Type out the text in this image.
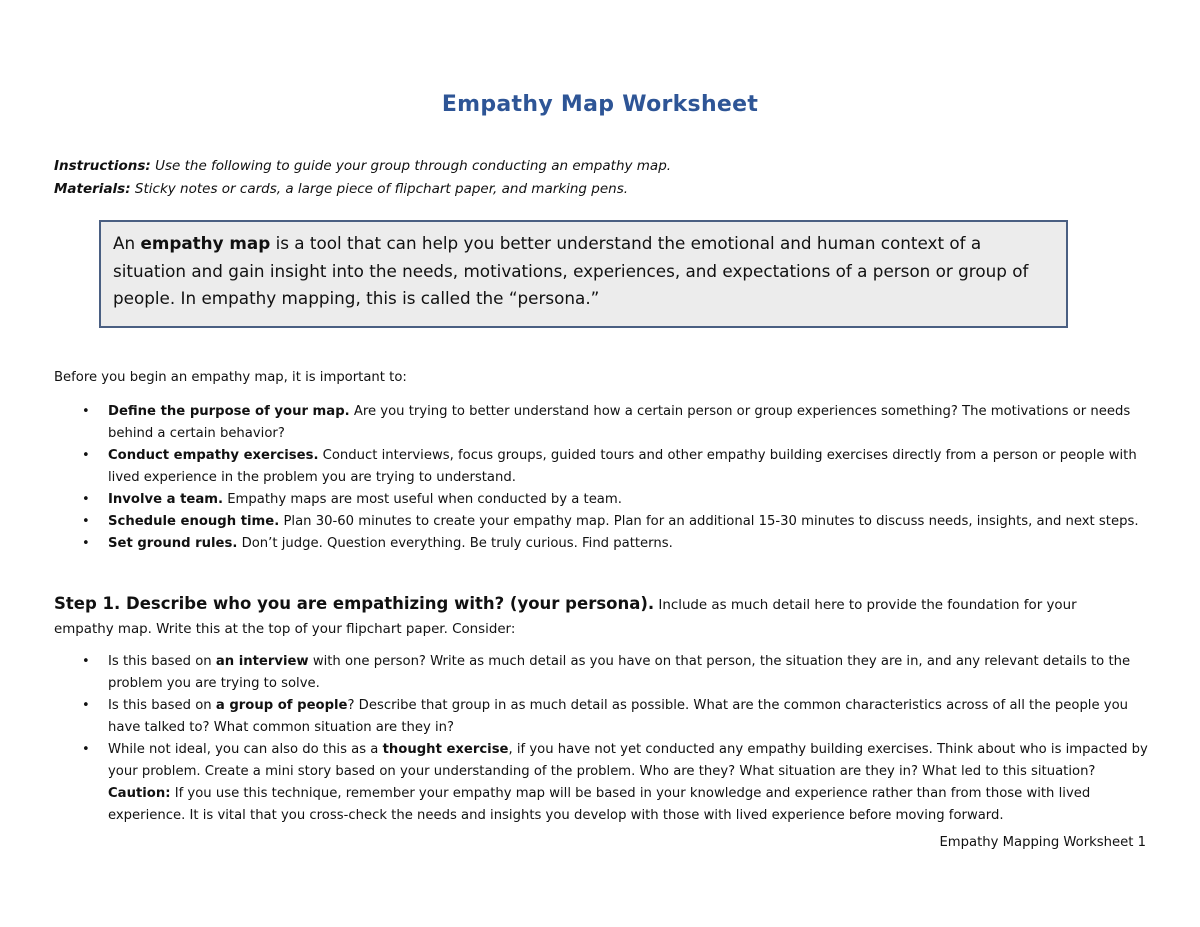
Empathy Map Worksheet
Instructions: Use the following to guide your group through conducting an empathy map.
Materials: Sticky notes or cards, a large piece of flipchart paper, and marking pens.
An empathy map is a tool that can help you better understand the emotional and human context of a situation and gain insight into the needs, motivations, experiences, and expectations of a person or group of people. In empathy mapping, this is called the “persona.”
Before you begin an empathy map, it is important to:
• Define the purpose of your map. Are you trying to better understand how a certain person or group experiences something? The motivations or needs behind a certain behavior?
• Conduct empathy exercises. Conduct interviews, focus groups, guided tours and other empathy building exercises directly from a person or people with lived experience in the problem you are trying to understand.
• Involve a team. Empathy maps are most useful when conducted by a team.
• Schedule enough time. Plan 30-60 minutes to create your empathy map. Plan for an additional 15-30 minutes to discuss needs, insights, and next steps.
• Set ground rules. Don’t judge. Question everything. Be truly curious. Find patterns.
Step 1. Describe who you are empathizing with? (your persona). Include as much detail here to provide the foundation for your empathy map. Write this at the top of your flipchart paper. Consider:
• Is this based on an interview with one person? Write as much detail as you have on that person, the situation they are in, and any relevant details to the problem you are trying to solve.
• Is this based on a group of people? Describe that group in as much detail as possible. What are the common characteristics across of all the people you have talked to? What common situation are they in?
• While not ideal, you can also do this as a thought exercise, if you have not yet conducted any empathy building exercises. Think about who is impacted by your problem. Create a mini story based on your understanding of the problem. Who are they? What situation are they in? What led to this situation? Caution: If you use this technique, remember your empathy map will be based in your knowledge and experience rather than from those with lived experience. It is vital that you cross-check the needs and insights you develop with those with lived experience before moving forward.
Empathy Mapping Worksheet 1
